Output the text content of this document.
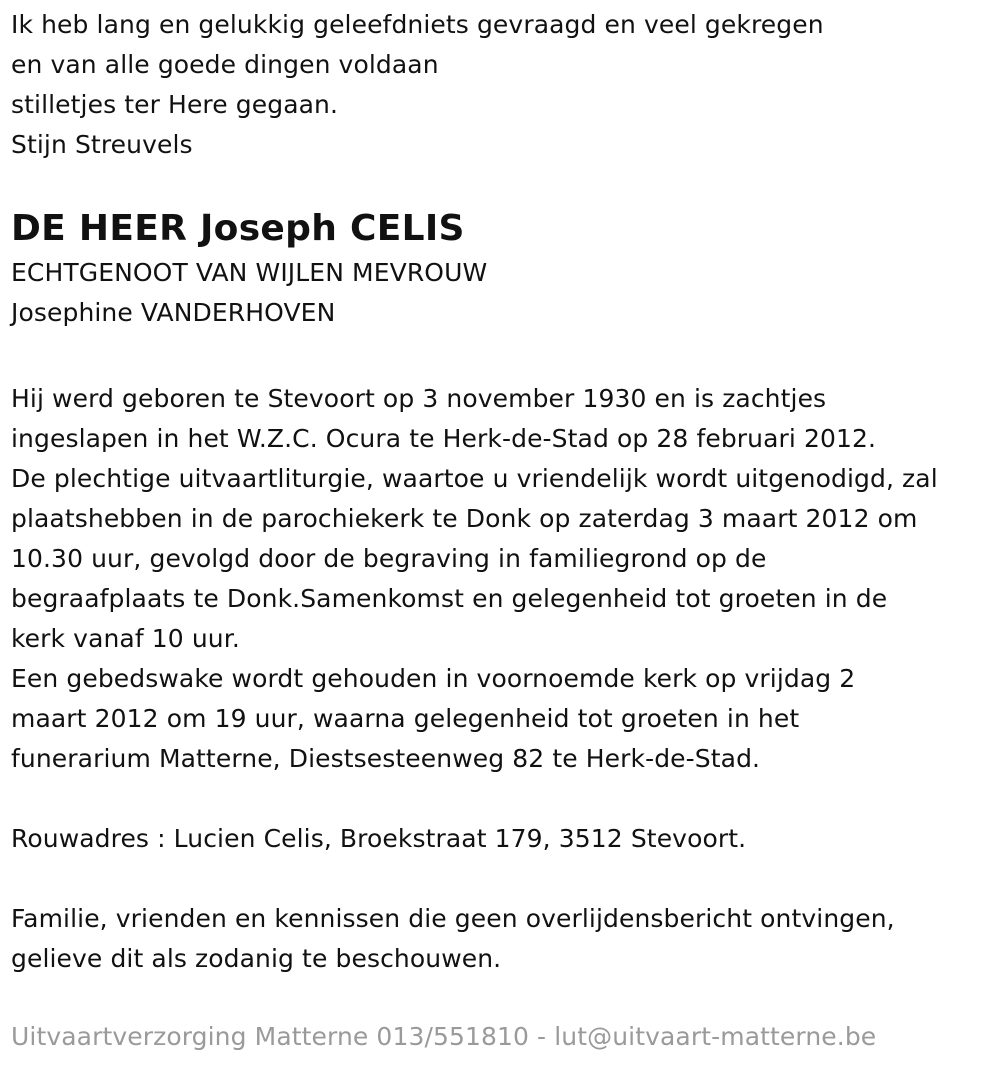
Ik heb lang en gelukkig geleefdniets gevraagd en veel gekregen
en van alle goede dingen voldaan
stilletjes ter Here gegaan.
Stijn Streuvels
DE HEER Joseph CELIS
ECHTGENOOT VAN WIJLEN MEVROUW
Josephine VANDERHOVEN
Hij werd geboren te Stevoort op 3 november 1930 en is zachtjes
ingeslapen in het W.Z.C. Ocura te Herk-de-Stad op 28 februari 2012.
De plechtige uitvaartliturgie, waartoe u vriendelijk wordt uitgenodigd, zal
plaatshebben in de parochiekerk te Donk op zaterdag 3 maart 2012 om
10.30 uur, gevolgd door de begraving in familiegrond op de
begraafplaats te Donk.Samenkomst en gelegenheid tot groeten in de
kerk vanaf 10 uur.
Een gebedswake wordt gehouden in voornoemde kerk op vrijdag 2
maart 2012 om 19 uur, waarna gelegenheid tot groeten in het
funerarium Matterne, Diestsesteenweg 82 te Herk-de-Stad.
Rouwadres : Lucien Celis, Broekstraat 179, 3512 Stevoort.
Familie, vrienden en kennissen die geen overlijdensbericht ontvingen,
gelieve dit als zodanig te beschouwen.
Uitvaartverzorging Matterne 013/551810 - lut@uitvaart-matterne.be
